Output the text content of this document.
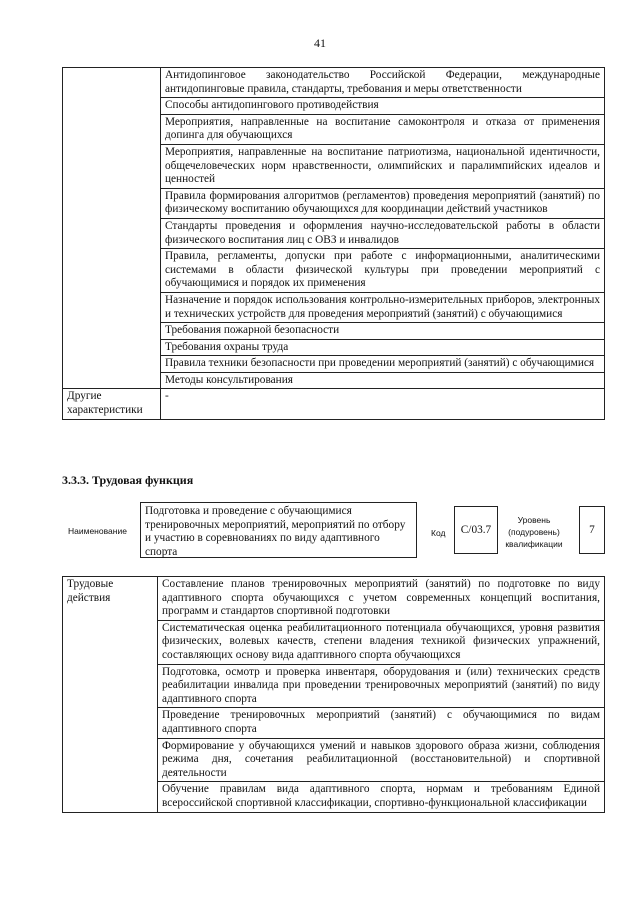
41
	Антидопинговое законодательство Российской Федерации, международные антидопинговые правила, стандарты, требования и меры ответственности
	Способы антидопингового противодействия
	Мероприятия, направленные на воспитание самоконтроля и отказа от применения допинга для обучающихся
	Мероприятия, направленные на воспитание патриотизма, национальной идентичности, общечеловеческих норм нравственности, олимпийских и паралимпийских идеалов и ценностей
	Правила формирования алгоритмов (регламентов) проведения мероприятий (занятий) по физическому воспитанию обучающихся для координации действий участников
	Стандарты проведения и оформления научно-исследовательской работы в области физического воспитания лиц с ОВЗ и инвалидов
	Правила, регламенты, допуски при работе с информационными, аналитическими системами в области физической культуры при проведении мероприятий с обучающимися и порядок их применения
	Назначение и порядок использования контрольно-измерительных приборов, электронных и технических устройств для проведения мероприятий (занятий) с обучающимися
	Требования пожарной безопасности
	Требования охраны труда
	Правила техники безопасности при проведении мероприятий (занятий) с обучающимися
	Методы консультирования
Другие характеристики	-
3.3.3. Трудовая функция
Наименование
Подготовка и проведение с обучающимися тренировочных мероприятий, мероприятий по отбору и участию в соревнованиях по виду адаптивного спорта
Код	C/03.7
Уровень (подуровень) квалификации
7
Трудовые действия	Составление планов тренировочных мероприятий (занятий) по подготовке по виду адаптивного спорта обучающихся с учетом современных концепций воспитания, программ и стандартов спортивной подготовки
Систематическая оценка реабилитационного потенциала обучающихся, уровня развития физических, волевых качеств, степени владения техникой физических упражнений, составляющих основу вида адаптивного спорта обучающихся
Подготовка, осмотр и проверка инвентаря, оборудования и (или) технических средств реабилитации инвалида при проведении тренировочных мероприятий (занятий) по виду адаптивного спорта
Проведение тренировочных мероприятий (занятий) с обучающимися по видам адаптивного спорта
Формирование у обучающихся умений и навыков здорового образа жизни, соблюдения режима дня, сочетания реабилитационной (восстановительной) и спортивной деятельности
Обучение правилам вида адаптивного спорта, нормам и требованиям Единой всероссийской спортивной классификации, спортивно-функциональной классификации
